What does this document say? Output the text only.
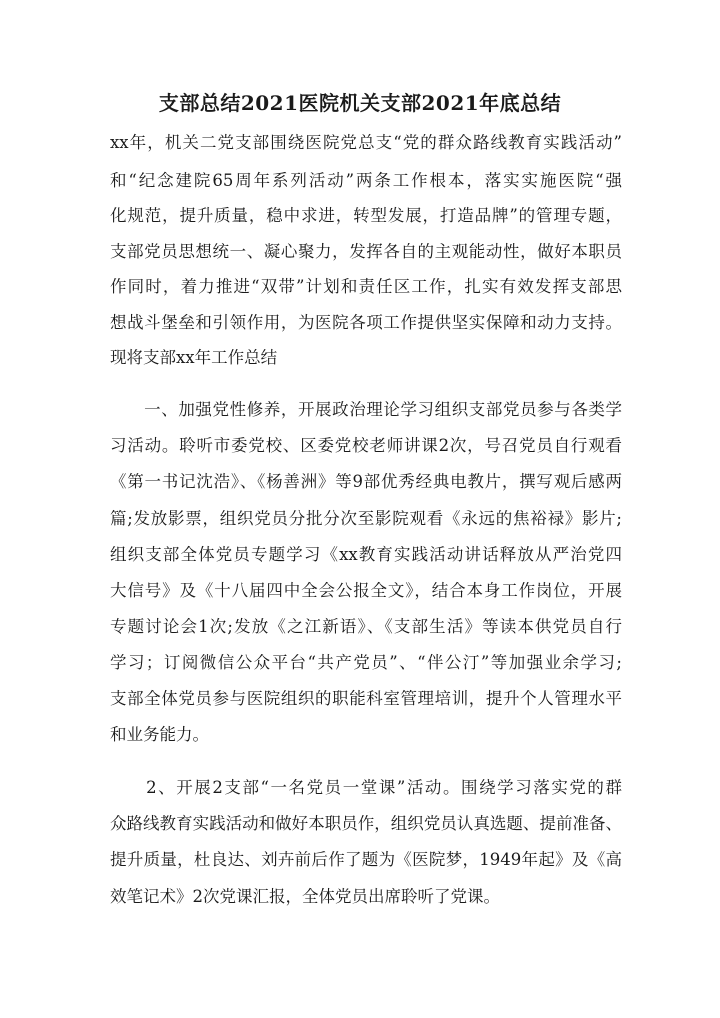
支部总结2021医院机关支部2021年底总结
xx年，机关二党支部围绕医院党总支“党的群众路线教育实践活动”
和“纪念建院65周年系列活动”两条工作根本，落实实施医院“强
化规范，提升质量，稳中求进，转型发展，打造品牌”的管理专题，
支部党员思想统一、凝心聚力，发挥各自的主观能动性，做好本职员
作同时，着力推进“双带”计划和责任区工作，扎实有效发挥支部思
想战斗堡垒和引领作用，为医院各项工作提供坚实保障和动力支持。
现将支部xx年工作总结
　　一、加强党性修养，开展政治理论学习组织支部党员参与各类学
习活动。聆听市委党校、区委党校老师讲课2次，号召党员自行观看
《第一书记沈浩》、《杨善洲》等9部优秀经典电教片，撰写观后感两
篇;发放影票，组织党员分批分次至影院观看《永远的焦裕禄》影片;
组织支部全体党员专题学习《xx教育实践活动讲话释放从严治党四
大信号》及《十八届四中全会公报全文》，结合本身工作岗位，开展
专题讨论会1次;发放《之江新语》、《支部生活》等读本供党员自行
学习；订阅微信公众平台“共产党员”、“伴公汀”等加强业余学习;
支部全体党员参与医院组织的职能科室管理培训，提升个人管理水平
和业务能力。
　　2、开展2支部“一名党员一堂课”活动。围绕学习落实党的群
众路线教育实践活动和做好本职员作，组织党员认真选题、提前准备、
提升质量，杜良达、刘卉前后作了题为《医院梦，1949年起》及《高
效笔记术》2次党课汇报，全体党员出席聆听了党课。
